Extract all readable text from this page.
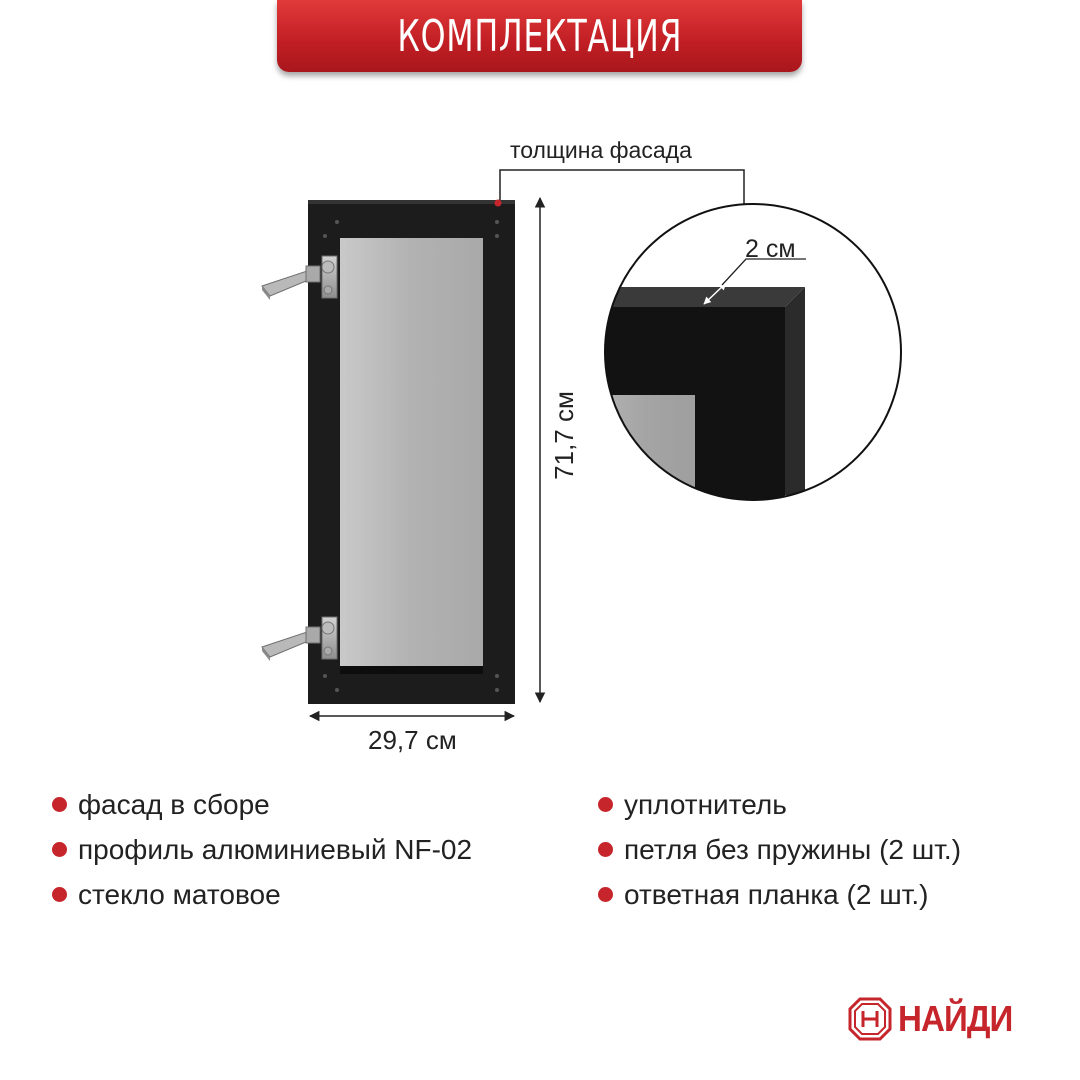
КОМПЛЕКТАЦИЯ
толщина фасада
2 см
29,7 см
71,7 см
фасад в сборе
профиль алюминиевый NF-02
стекло матовое
уплотнитель
петля без пружины (2 шт.)
ответная планка (2 шт.)
НАЙДИ
